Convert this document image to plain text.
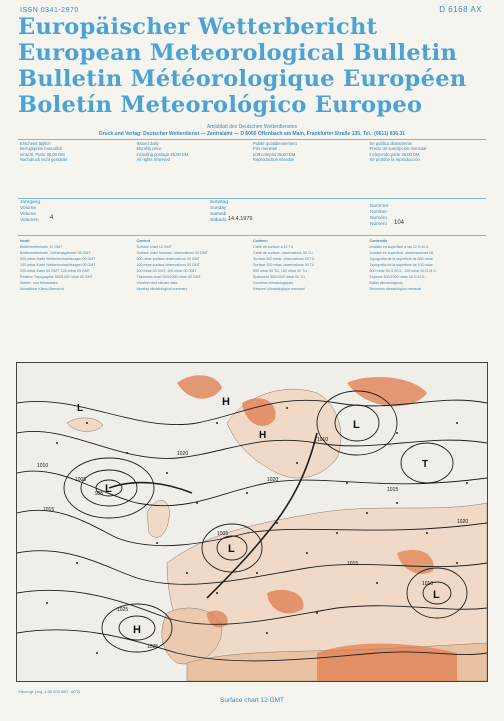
ISSN 0341-2970	D 6168 AX
Europäischer Wetterbericht
European Meteorological Bulletin
Bulletin Météorologique Européen
Boletín Meteorológico Europeo
Amtsblatt des Deutschen Wetterdienstes
Druck und Verlag: Deutscher Wetterdienst — Zentralamt — D 6050 Offenbach am Main, Frankfurter Straße 135, Tel.: (0611) 836 31
Erscheint täglich
Bezugspreis monatlich
einschl. Porto 35,00 DM
Nachdruck nicht gestattet
Issued daily
Monthly price
including postage 35,00 DM
All rights reserved
Publié quotidiennement
Prix mensuel
port compris 35,00 DM
Reproduction interdite
Se publica diariamente
Precio de suscripción mensual
incluyendo porte 35,00 DM
Se prohíbe la reproducción
Jahrgang
Volume
Volume
Volumen 4
Sonntag
Sunday
Samedi
Sábado 14.4.1979
Nummer
Number
Numéro
Número 104
Inhalt
Bodenwetterkarte 12 GMT
Bodenwetterkarte, Vorhersagekarte 06 GMT
500-mbar-Karte Wetterbeobachtungen 00 GMT
100-mbar-Karte Wetterbeobachtungen 00 GMT
200-mbar-Karte 00 GMT, 100-mbar 00 GMT
Relative Topographie 500/1000 mbar 00 GMT
Wetter- und Klimadaten
Monatliche Klima-Übersicht
Content
Surface chart 12 GMT
Surface chart forecast, observations 06 GMT
500 mbar surface observations 00 GMT
100 mbar surface observations 00 GMT
200 mbar 00 GMT, 100 mbar 00 GMT
Thickness chart 500/1000 mbar 00 GMT
Weather and climate data
Monthly climatological summary
Contenu
Carte de surface à 12 TU
Carte de surface, observations 06 TU
Surface 500 mbar, observations 00 TU
Surface 100 mbar, observations 00 TU
500 mbar 00 TU, 100 mbar 00 TU
Épaisseur 500/1000 mbar 00 TU
Données climatologiques
Résumé climatologique mensuel
Contenido
Análisis en superficie a las 12 G.M.G.
Análisis en superficie, observaciones 06
Topografía de la superficie de 500 mbar
Topografía de la superficie de 100 mbar
500 mbar 00 G.M.G., 100 mbar 00 G.M.G.
Espesor 500/1000 mbar 00 G.M.G.
Datos climatológicos
Resumen climatológico mensual
H
L
L
H
L
T
H
L
L
1005
1010
1015
1020
1025
1010
1015
995
1005
1020
1025
1010
1020
1015
Stereogr. proj. 1:30 000 000 · 60°N
Surface chart 12 GMT
